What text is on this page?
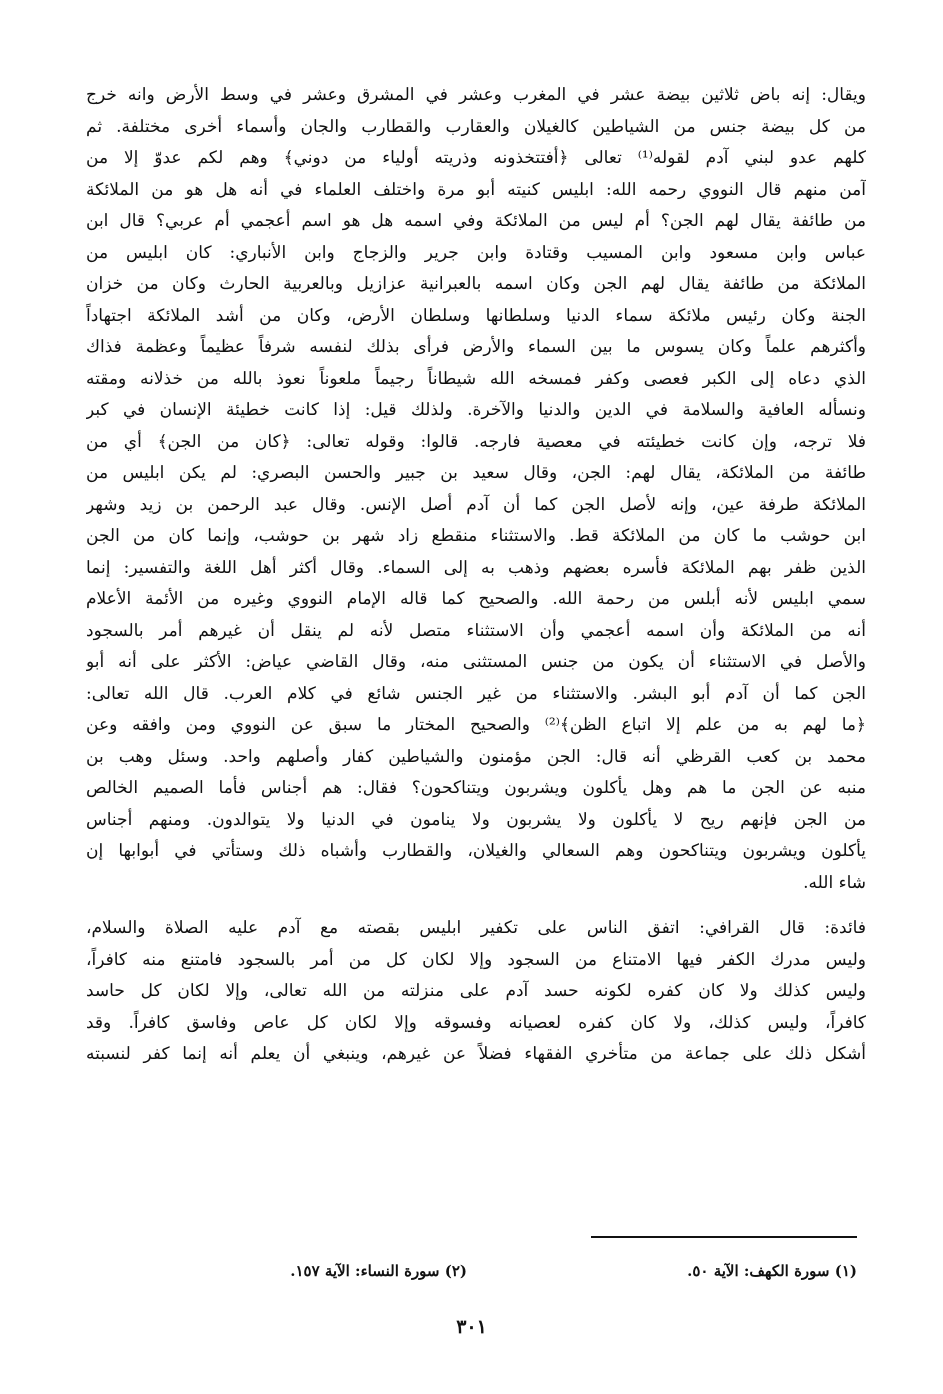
ويقال: إنه باض ثلاثين بيضة عشر في المغرب وعشر في المشرق وعشر في وسط الأرض وانه خرج
من كل بيضة جنس من الشياطين كالغيلان والعقارب والقطارب والجان وأسماء أخرى مختلفة. ثم
كلهم عدو لبني آدم لقوله⁽¹⁾ تعالى ﴿أفتتخذونه وذريته أولياء من دوني﴾ وهم لكم عدوّ إلا من
آمن منهم قال النووي رحمه الله: ابليس كنيته أبو مرة واختلف العلماء في أنه هل هو من الملائكة
من طائفة يقال لهم الجن؟ أم ليس من الملائكة وفي اسمه هل هو اسم أعجمي أم عربي؟ قال ابن
عباس وابن مسعود وابن المسيب وقتادة وابن جرير والزجاج وابن الأنباري: كان ابليس من
الملائكة من طائفة يقال لهم الجن وكان اسمه بالعبرانية عزازيل وبالعربية الحارث وكان من خزان
الجنة وكان رئيس ملائكة سماء الدنيا وسلطانها وسلطان الأرض، وكان من أشد الملائكة اجتهاداً
وأكثرهم علماً وكان يسوس ما بين السماء والأرض فرأى بذلك لنفسه شرفاً عظيماً وعظمة فذاك
الذي دعاه إلى الكبر فعصى وكفر فمسخه الله شيطاناً رجيماً ملعوناً نعوذ بالله من خذلانه ومقته
ونسأله العافية والسلامة في الدين والدنيا والآخرة. ولذلك قيل: إذا كانت خطيئة الإنسان في كبر
فلا ترجه، وإن كانت خطيئته في معصية فارجه. قالوا: وقوله تعالى: ﴿كان من الجن﴾ أي من
طائفة من الملائكة، يقال لهم: الجن، وقال سعيد بن جبير والحسن البصري: لم يكن ابليس من
الملائكة طرفة عين، وإنه لأصل الجن كما أن آدم أصل الإنس. وقال عبد الرحمن بن زيد وشهر
ابن حوشب ما كان من الملائكة قط. والاستثناء منقطع زاد شهر بن حوشب، وإنما كان من الجن
الذين ظفر بهم الملائكة فأسره بعضهم وذهب به إلى السماء. وقال أكثر أهل اللغة والتفسير: إنما
سمي ابليس لأنه أبلس من رحمة الله. والصحيح كما قاله الإمام النووي وغيره من الأئمة الأعلام
أنه من الملائكة وأن اسمه أعجمي وأن الاستثناء متصل لأنه لم ينقل أن غيرهم أمر بالسجود
والأصل في الاستثناء أن يكون من جنس المستثنى منه، وقال القاضي عياض: الأكثر على أنه أبو
الجن كما أن آدم أبو البشر. والاستثناء من غير الجنس شائع في كلام العرب. قال الله تعالى:
﴿ما لهم به من علم إلا اتباع الظن﴾⁽²⁾ والصحيح المختار ما سبق عن النووي ومن وافقه وعن
محمد بن كعب القرظي أنه قال: الجن مؤمنون والشياطين كفار وأصلهم واحد. وسئل وهب بن
منبه عن الجن ما هم وهل يأكلون ويشربون ويتناكحون؟ فقال: هم أجناس فأما الصميم الخالص
من الجن فإنهم ريح لا يأكلون ولا يشربون ولا ينامون في الدنيا ولا يتوالدون. ومنهم أجناس
يأكلون ويشربون ويتناكحون وهم السعالي والغيلان، والقطارب وأشباه ذلك وستأتي في أبوابها إن
شاء الله.
فائدة: قال القرافي: اتفق الناس على تكفير ابليس بقصته مع آدم عليه الصلاة والسلام،
وليس مدرك الكفر فيها الامتناع من السجود وإلا لكان كل من أمر بالسجود فامتنع منه كافراً،
وليس كذلك ولا كان كفره لكونه حسد آدم على منزلته من الله تعالى، وإلا لكان كل حاسد
كافراً، وليس كذلك، ولا كان كفره لعصيانه وفسوقه وإلا لكان كل عاص وفاسق كافراً. وقد
أشكل ذلك على جماعة من متأخري الفقهاء فضلاً عن غيرهم، وينبغي أن يعلم أنه إنما كفر لنسبته
(١) سورة الكهف: الآية ٥٠.
(٢) سورة النساء: الآية ١٥٧.
٣٠١
